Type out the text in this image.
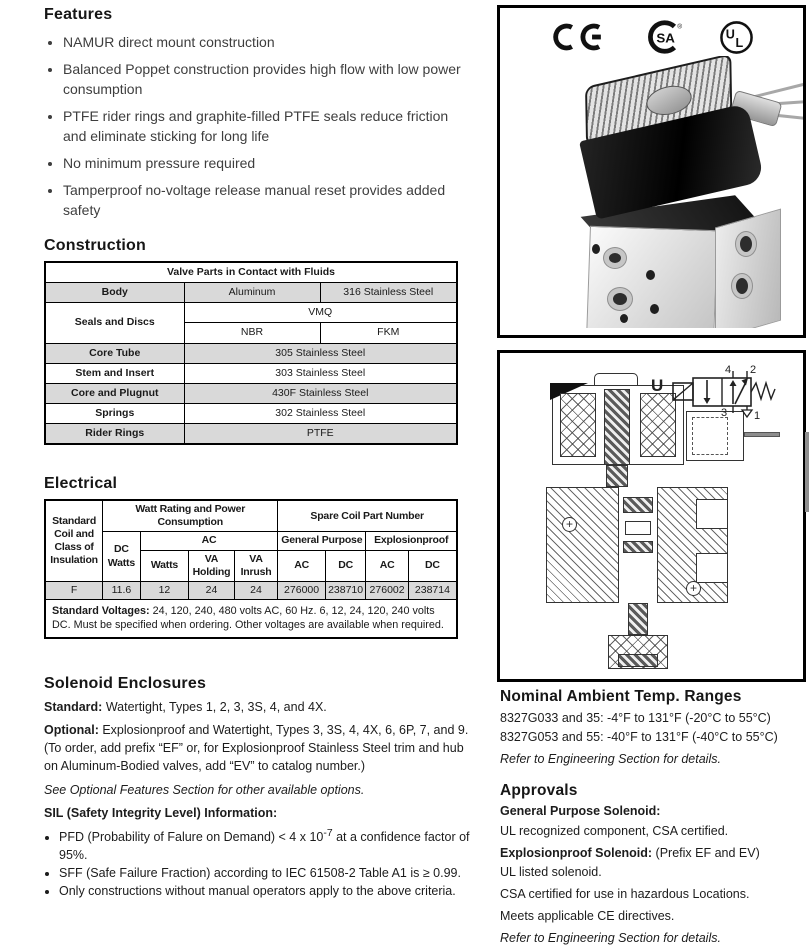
Features
• NAMUR direct mount construction
• Balanced Poppet construction provides high flow with low power consumption
• PTFE rider rings and graphite-filled PTFE seals reduce friction and eliminate sticking for long life
• No minimum pressure required
• Tamperproof no-voltage release manual reset provides added safety
Construction
Valve Parts in Contact with Fluids		
Body	Aluminum	316 Stainless Steel
Seals and Discs	VMQ	
	NBR	FKM
Core Tube	305 Stainless Steel	
Stem and Insert	303 Stainless Steel	
Core and Plugnut	430F Stainless Steel	
Springs	302 Stainless Steel	
Rider Rings	PTFE	
Electrical
Standard Coil and Class of Insulation	Watt Rating and Power Consumption				Spare Coil Part Number			
	DC Watts	AC			General Purpose		Explosionproof	
		Watts	VA Holding	VA Inrush	AC	DC	AC	DC
F	11.6	12	24	24	276000	238710	276002	238714
Standard Voltages: 24, 120, 240, 480 volts AC, 60 Hz. 6, 12, 24, 120, 240 volts DC. Must be specified when ordering. Other voltages are available when required.								
Solenoid Enclosures

Standard: Watertight, Types 1, 2, 3, 3S, 4, and 4X.

Optional: Explosionproof and Watertight, Types 3, 3S, 4, 4X, 6, 6P, 7, and 9. (To order, add prefix “EF” or, for Explosionproof Stainless Steel trim and hub on Aluminum-Bodied valves, add “EV” to catalog number.)

See Optional Features Section for other available options.

SIL (Safety Integrity Level) Information:

• PFD (Probability of Falure on Demand) < 4 x $10^{-7}$ at a confidence factor of 95%.
• SFF (Safe Failure Fraction) according to IEC 61508-2 Table A1 is ≥ 0.99.
• Only constructions without manual operators apply to the above criteria.
SA
®
U
L
+
+
U
4 2
3 1
Nominal Ambient Temp. Ranges

8327G033 and 35: -4°F to 131°F (-20°C to 55°C)

8327G053 and 55: -40°F to 131°F (-40°C to 55°C)

Refer to Engineering Section for details.

Approvals

General Purpose Solenoid:

UL recognized component, CSA certified.

Explosionproof Solenoid: (Prefix EF and EV)

UL listed solenoid.

CSA certified for use in hazardous Locations.

Meets applicable CE directives.

Refer to Engineering Section for details.
